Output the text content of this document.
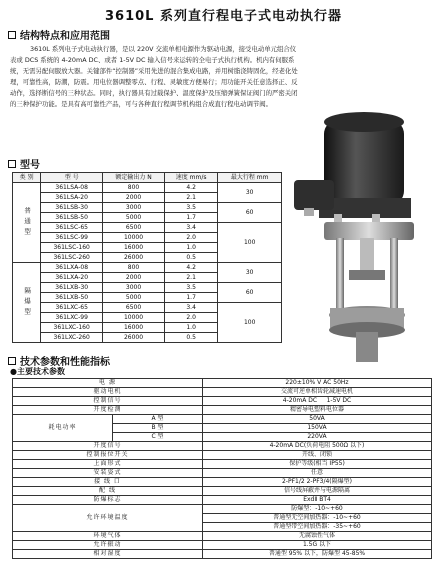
3610L 系列直行程电子式电动执行器
结构特点和应用范围
3610L 系列电子式电动执行器，是以 220V 交流单相电源作为驱动电源，接受电动单元组合仪表或 DCS 系统的 4-20mA DC、或者 1-5V DC 输入信号来运转的全电子式执行机构。机内有伺服系统，无需另配伺服放大器。关键部件“控制器”采用先进的混合集成电路，并用树脂浇铸固化，经老化处理，可靠性高，防潮，防震。用电位器调整零点、行程、灵敏度方便易行；用功能开关任意选择正、反动作，选择断信号的三种状态。同时，执行器具有过载保护、温度保护及压缩弹簧保证阀门的严密关闭的三种保护功能。是具有高可靠性产品，可与各种直行程调节机构组合成直行程电动调节阀。
型号
类 别	型 号	额定输出力 N	速度 mm/s	最大行程 mm
普通型	361LSA-08	800	4.2	30
	361LSA-20	2000	2.1	
	361LSB-30	3000	3.5	60
	361LSB-50	5000	1.7	
	361LSC-65	6500	3.4	100
	361LSC-99	10000	2.0	
	361LSC-160	16000	1.0	
	361LSC-260	26000	0.5	
隔爆型	361LXA-08	800	4.2	30
	361LXA-20	2000	2.1	
	361LXB-30	3000	3.5	60
	361LXB-50	5000	1.7	
	361LXC-65	6500	3.4	100
	361LXC-99	10000	2.0	
	361LXC-160	16000	1.0	
	361LXC-260	26000	0.5	
技术参数和性能指标
●主要技术参数
电 源		220±10% V AC 50Hz
驱动电机		交流可逆单相齿轮减速电机
控制信号		4-20mA DC 1-5V DC
开度检测		精密导电塑料电位器
耗电功率	A 型	50VA
	B 型	150VA
	C 型	220VA
开度信号		4-20mA DC(负荷电阻 500Ω 以下)
控制报位开关		开线、闭锁
上面形式		保护等级(相当 IP55)
安装姿式		任意
接 线 口		2-PF1/2 2-PF3/4(隔爆型)
配 线		信号线屏蔽并与电源隔离
防爆标志		ExdⅡ BT4
允许环境温度		防爆型：-10~+60
		普通型无空间加热器：-10~+60
		普通型带空间加热器：-35~+60
环境气体		无腐蚀性气体
允许振动		1.5G 以下
相对湿度		普通型 95% 以下，防爆型 45-85%
